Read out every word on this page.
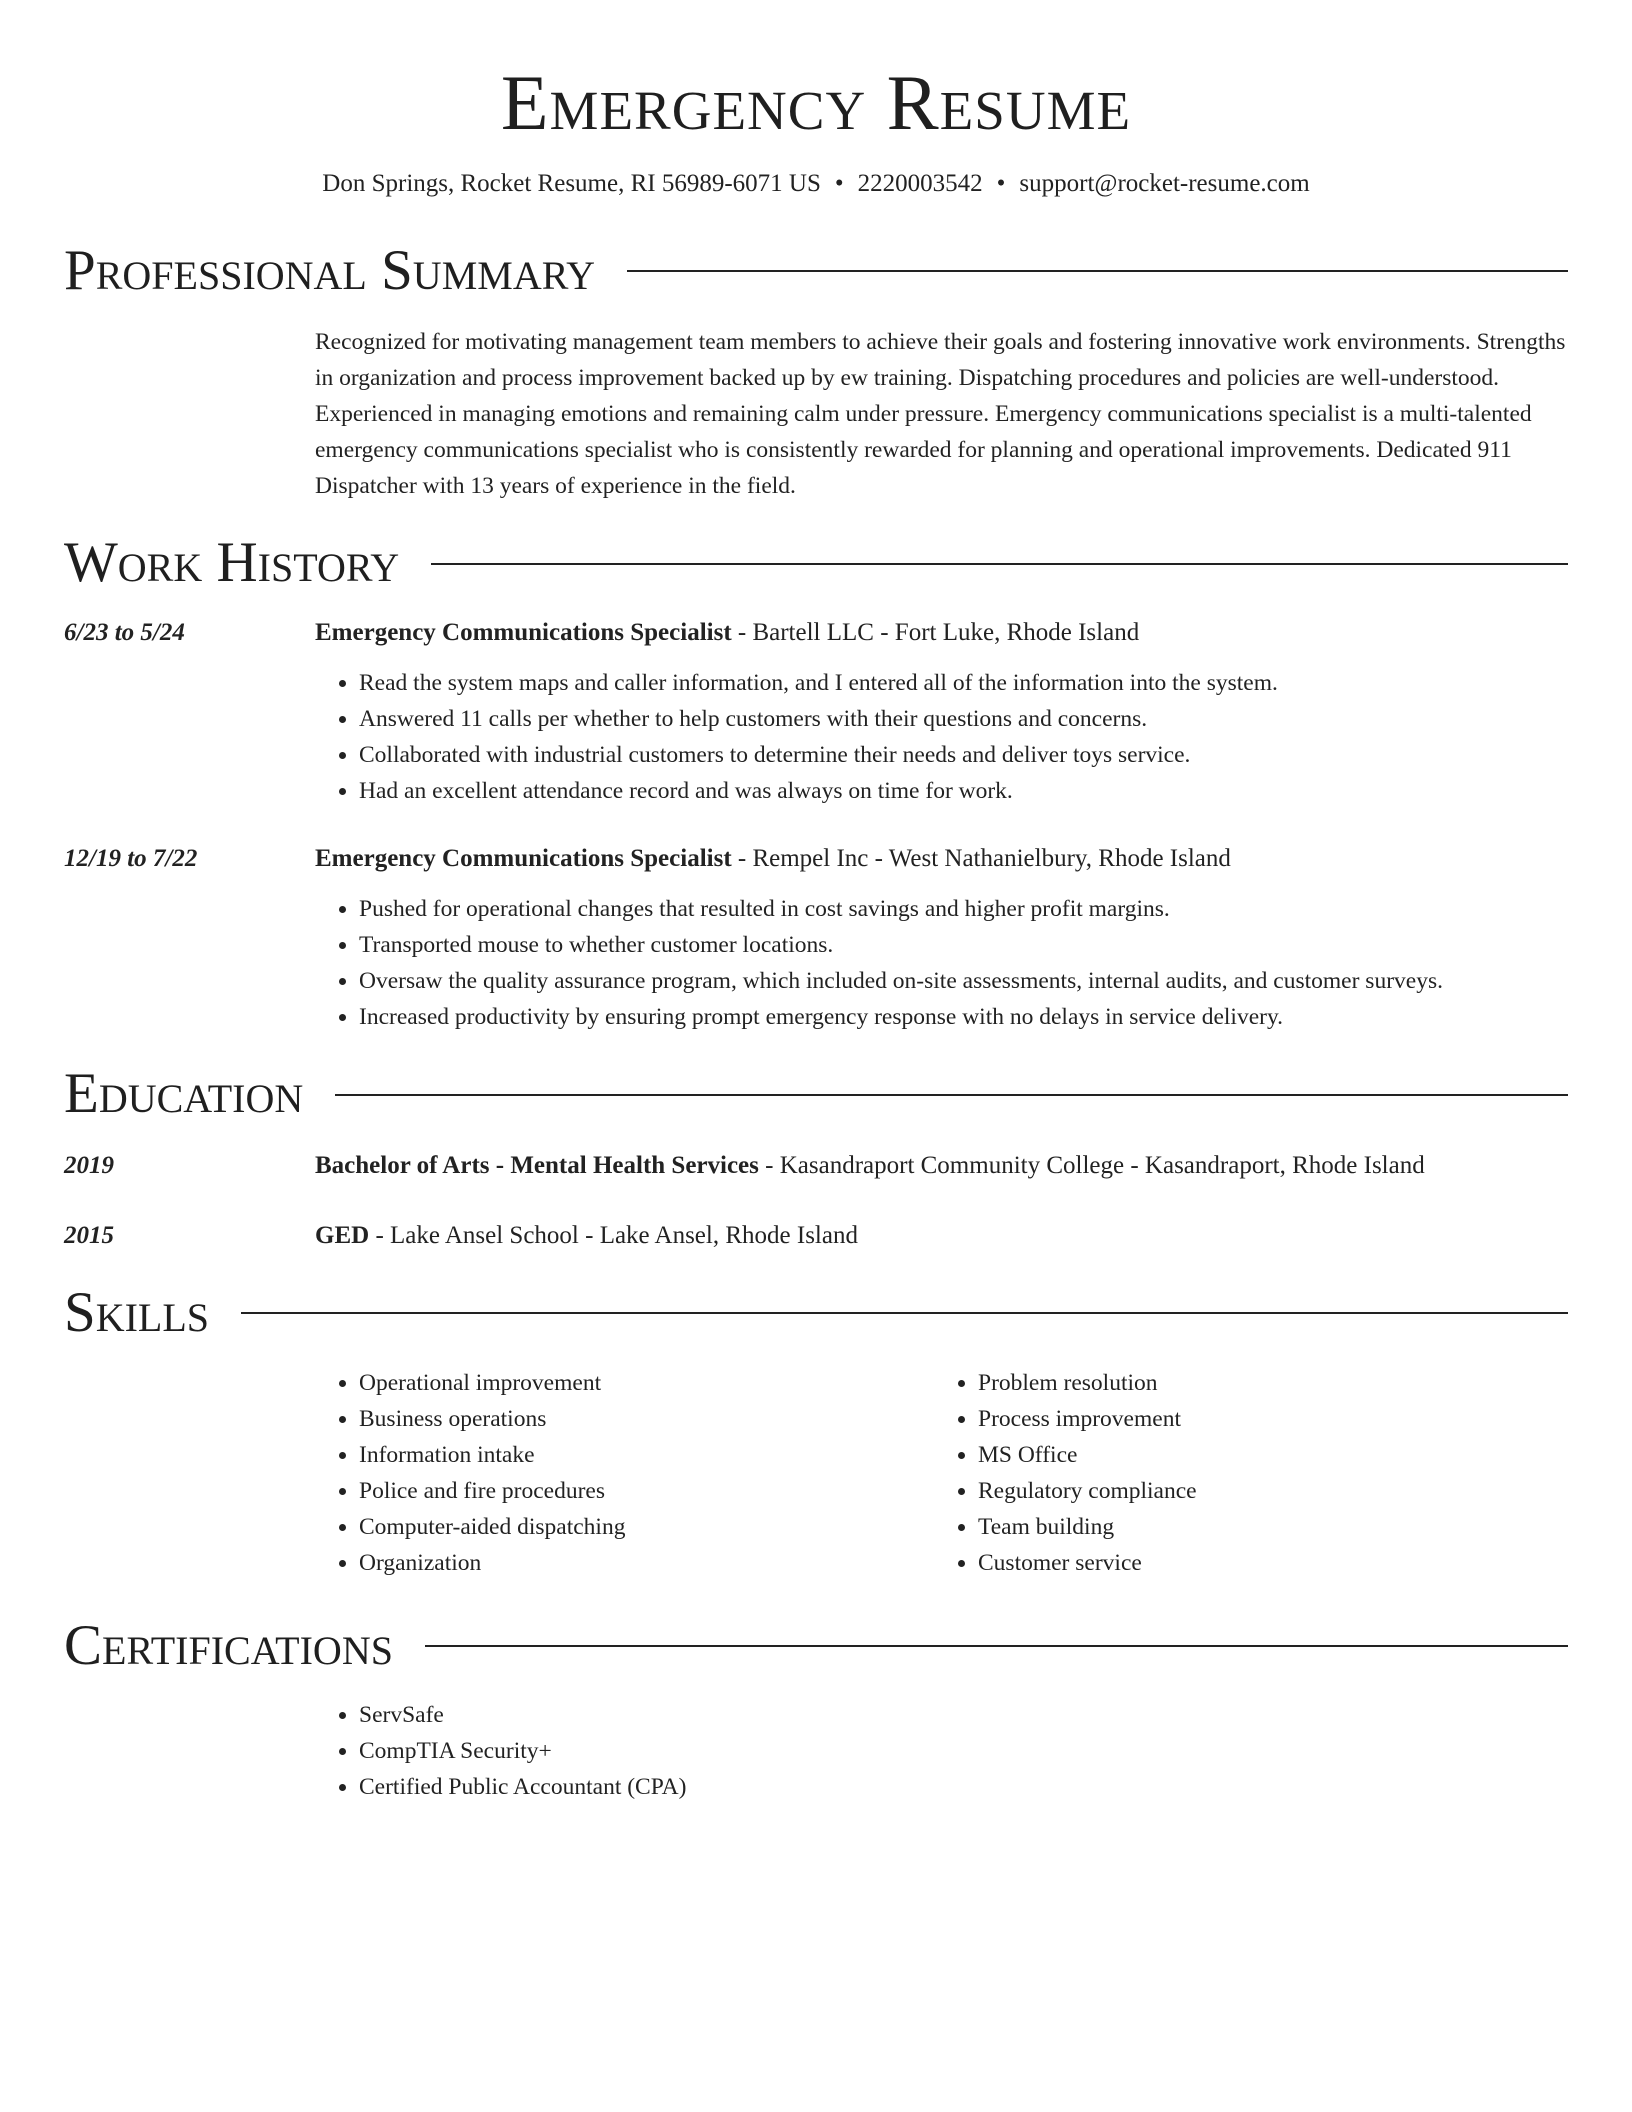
Emergency Resume
Don Springs, Rocket Resume, RI 56989-6071 US • 2220003542 • support@rocket-resume.com
Professional Summary

Recognized for motivating management team members to achieve their goals and fostering innovative work environments. Strengths in organization and process improvement backed up by ew training. Dispatching procedures and policies are well-understood. Experienced in managing emotions and remaining calm under pressure. Emergency communications specialist is a multi-talented emergency communications specialist who is consistently rewarded for planning and operational improvements. Dedicated 911 Dispatcher with 13 years of experience in the field.

Work History
6/23 to 5/24	Emergency Communications Specialist - Bartell LLC - Fort Luke, Rhode Island
• Read the system maps and caller information, and I entered all of the information into the system.
• Answered 11 calls per whether to help customers with their questions and concerns.
• Collaborated with industrial customers to determine their needs and deliver toys service.
• Had an excellent attendance record and was always on time for work.
12/19 to 7/22	Emergency Communications Specialist - Rempel Inc - West Nathanielbury, Rhode Island
• Pushed for operational changes that resulted in cost savings and higher profit margins.
• Transported mouse to whether customer locations.
• Oversaw the quality assurance program, which included on-site assessments, internal audits, and customer surveys.
• Increased productivity by ensuring prompt emergency response with no delays in service delivery.
Education
2019	Bachelor of Arts - Mental Health Services - Kasandraport Community College - Kasandraport, Rhode Island
2015	GED - Lake Ansel School - Lake Ansel, Rhode Island
Skills
• Operational improvement
• Business operations
• Information intake
• Police and fire procedures
• Computer-aided dispatching
• Organization
• Problem resolution
• Process improvement
• MS Office
• Regulatory compliance
• Team building
• Customer service
Certifications
• ServSafe
• CompTIA Security+
• Certified Public Accountant (CPA)
